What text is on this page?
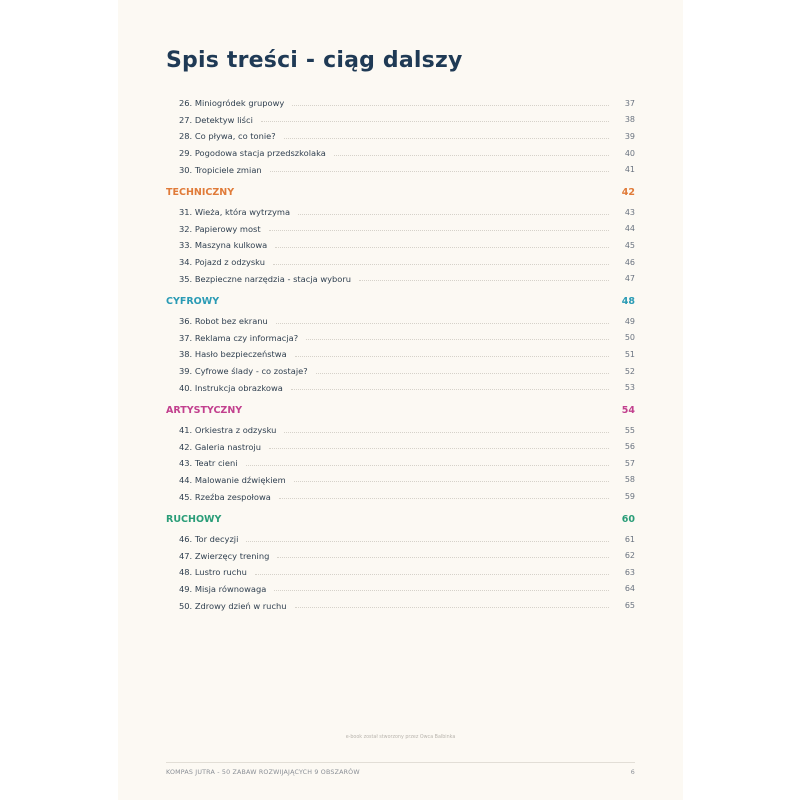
Spis treści - ciąg dalszy
26. Miniogródek grupowy	37
27. Detektyw liści	38
28. Co pływa, co tonie?	39
29. Pogodowa stacja przedszkolaka	40
30. Tropiciele zmian	41
TECHNICZNY	42
31. Wieża, która wytrzyma	43
32. Papierowy most	44
33. Maszyna kulkowa	45
34. Pojazd z odzysku	46
35. Bezpieczne narzędzia - stacja wyboru	47
CYFROWY	48
36. Robot bez ekranu	49
37. Reklama czy informacja?	50
38. Hasło bezpieczeństwa	51
39. Cyfrowe ślady - co zostaje?	52
40. Instrukcja obrazkowa	53
ARTYSTYCZNY	54
41. Orkiestra z odzysku	55
42. Galeria nastroju	56
43. Teatr cieni	57
44. Malowanie dźwiękiem	58
45. Rzeźba zespołowa	59
RUCHOWY	60
46. Tor decyzji	61
47. Zwierzęcy trening	62
48. Lustro ruchu	63
49. Misja równowaga	64
50. Zdrowy dzień w ruchu	65
e-book został stworzony przez Owca Balbinka
KOMPAS JUTRA - 50 ZABAW ROZWIJAJĄCYCH 9 OBSZARÓW	6
